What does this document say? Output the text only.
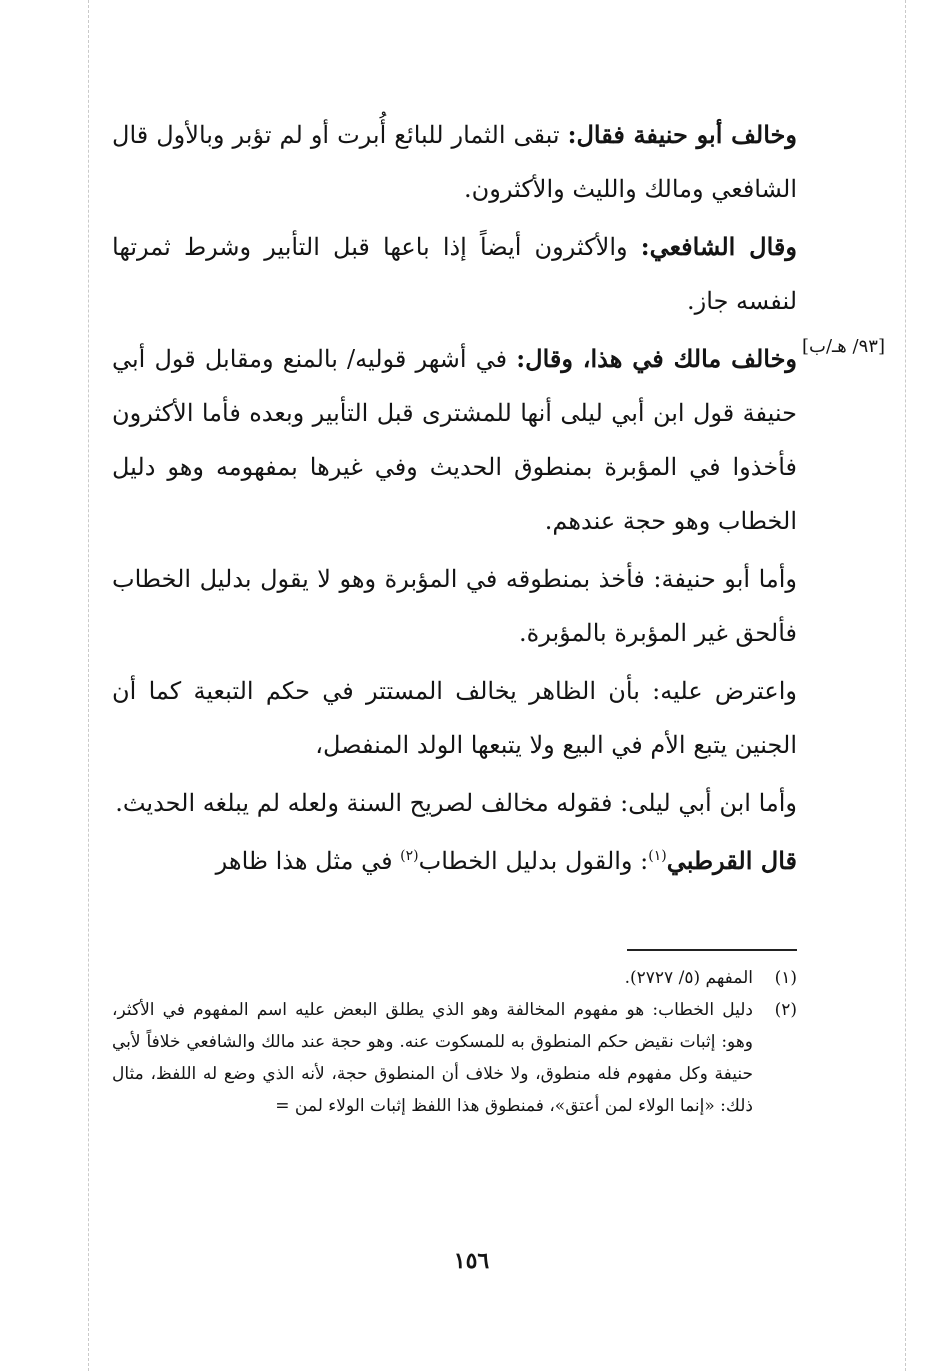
[٩٣/ هـ/ب]

وخالف أبو حنيفة فقال: تبقى الثمار للبائع أُبرت أو لم تؤبر وبالأول قال الشافعي ومالك والليث والأكثرون.

وقال الشافعي: والأكثرون أيضاً إذا باعها قبل التأبير وشرط ثمرتها لنفسه جاز.

وخالف مالك في هذا، وقال: في أشهر قوليه/ بالمنع ومقابل قول أبي حنيفة قول ابن أبي ليلى أنها للمشترى قبل التأبير وبعده فأما الأكثرون فأخذوا في المؤبرة بمنطوق الحديث وفي غيرها بمفهومه وهو دليل الخطاب وهو حجة عندهم.

وأما أبو حنيفة: فأخذ بمنطوقه في المؤبرة وهو لا يقول بدليل الخطاب فألحق غير المؤبرة بالمؤبرة.

واعترض عليه: بأن الظاهر يخالف المستتر في حكم التبعية كما أن الجنين يتبع الأم في البيع ولا يتبعها الولد المنفصل،

وأما ابن أبي ليلى: فقوله مخالف لصريح السنة ولعله لم يبلغه الحديث.

قال القرطبي$^{(١)}$: والقول بدليل الخطاب$^{(٢)}$ في مثل هذا ظاهر

(١)
المفهم (٥/ ٢٧٢٧).
(٢)
دليل الخطاب: هو مفهوم المخالفة وهو الذي يطلق البعض عليه اسم المفهوم في الأكثر، وهو: إثبات نقيض حكم المنطوق به للمسكوت عنه. وهو حجة عند مالك والشافعي خلافاً لأبي حنيفة وكل مفهوم فله منطوق، ولا خلاف أن المنطوق حجة، لأنه الذي وضع له اللفظ، مثال ذلك: «إنما الولاء لمن أعتق»، فمنطوق هذا اللفظ إثبات الولاء لمن =
١٥٦
